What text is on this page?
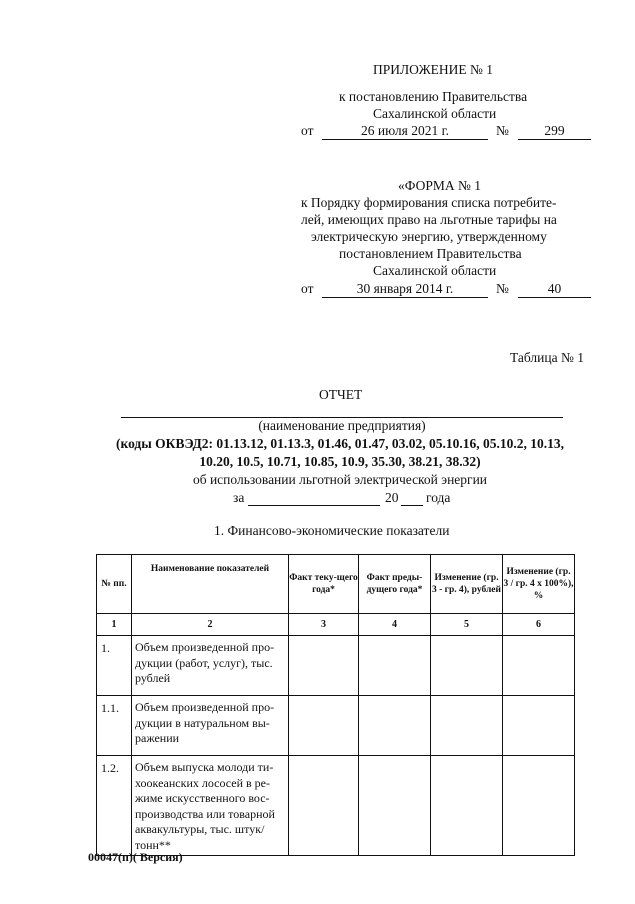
ПРИЛОЖЕНИЕ № 1
к постановлению Правительства
Сахалинской области
от	26 июля 2021 г.	№	299
«ФОРМА № 1
к Порядку формирования списка потребите-
лей, имеющих право на льготные тарифы на
электрическую энергию, утвержденному
постановлением Правительства
Сахалинской области
от	30 января 2014 г.	№	40
Таблица № 1
ОТЧЕТ
(наименование предприятия)
(коды ОКВЭД2: 01.13.12, 01.13.3, 01.46, 01.47, 03.02, 05.10.16, 05.10.2, 10.13,
10.20, 10.5, 10.71, 10.85, 10.9, 35.30, 38.21, 38.32)
об использовании льготной электрической энергии
за	20 года
1. Финансово-экономические показатели
№ пп.	Наименование показателей	Факт теку-щего года*	Факт преды-дущего года*	Изменение (гр. 3 - гр. 4), рублей	Изменение (гр. 3 / гр. 4 х 100%), %
1	2	3	4	5	6
1.	Объем произведенной про-дукции (работ, услуг), тыс. рублей				
1.1.	Объем произведенной про-дукции в натуральном вы-ражении				
1.2.	Объем выпуска молоди ти-хоокеанских лососей в ре-жиме искусственного вос-производства или товарной аквакультуры, тыс. штук/тонн**				
00047(п)( Версия)
